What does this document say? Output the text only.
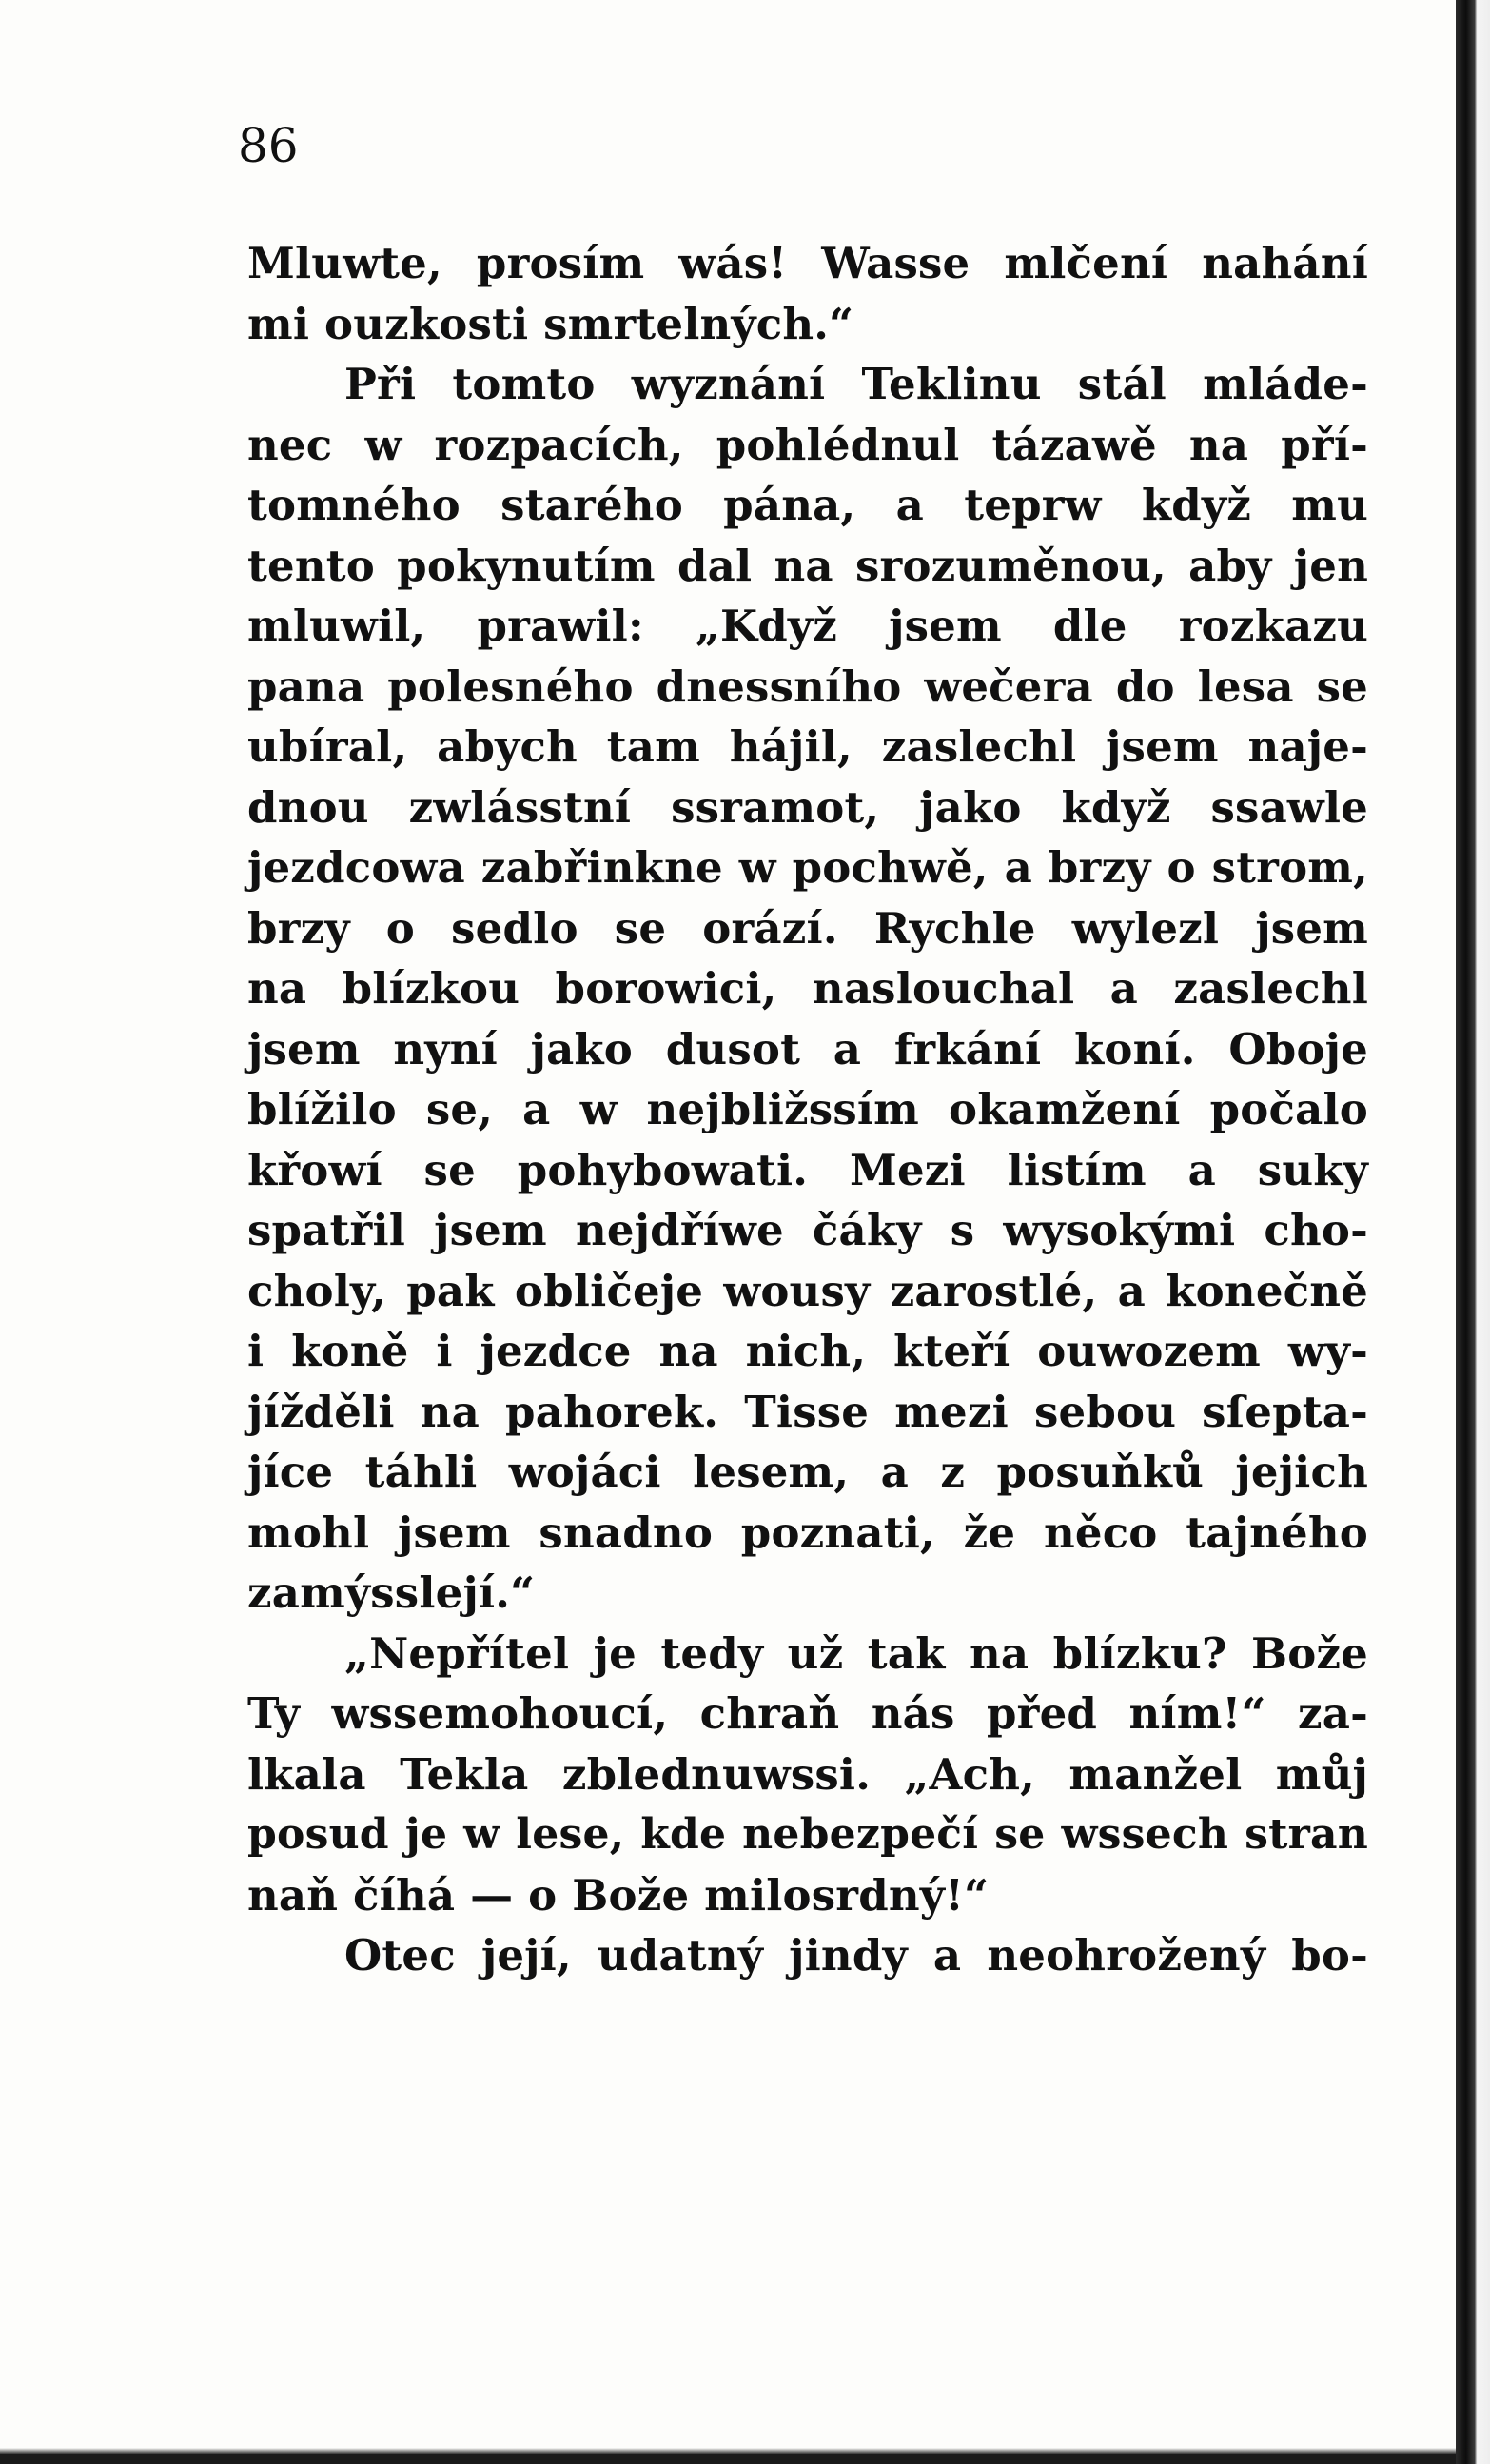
86
Mluwte, prosím wás! Wasse mlčení nahání
mi ouzkosti smrtelných.“
Při tomto wyznání Teklinu stál mláde-
nec w rozpacích, pohlédnul tázawě na pří-
tomného starého pána, a teprw když mu
tento pokynutím dal na srozuměnou, aby jen
mluwil, prawil: „Když jsem dle rozkazu
pana polesného dnessního wečera do lesa se
ubíral, abych tam hájil, zaslechl jsem naje-
dnou zwlásstní ssramot, jako když ssawle
jezdcowa zabřinkne w pochwě, a brzy o strom,
brzy o sedlo se orází. Rychle wylezl jsem
na blízkou borowici, naslouchal a zaslechl
jsem nyní jako dusot a frkání koní. Oboje
blížilo se, a w nejbližssím okamžení počalo
křowí se pohybowati. Mezi listím a suky
spatřil jsem nejdříwe čáky s wysokými cho-
choly, pak obličeje wousy zarostlé, a konečně
i koně i jezdce na nich, kteří ouwozem wy-
jížděli na pahorek. Tisse mezi sebou sſepta-
jíce táhli wojáci lesem, a z posuňků jejich
mohl jsem snadno poznati, že něco tajného
zamýsslejí.“
„Nepřítel je tedy už tak na blízku? Bože
Ty wssemohoucí, chraň nás před ním!“ za-
lkala Tekla zblednuwssi. „Ach, manžel můj
posud je w lese, kde nebezpečí se wssech stran
naň číhá — o Bože milosrdný!“
Otec její, udatný jindy a neohrožený bo-
